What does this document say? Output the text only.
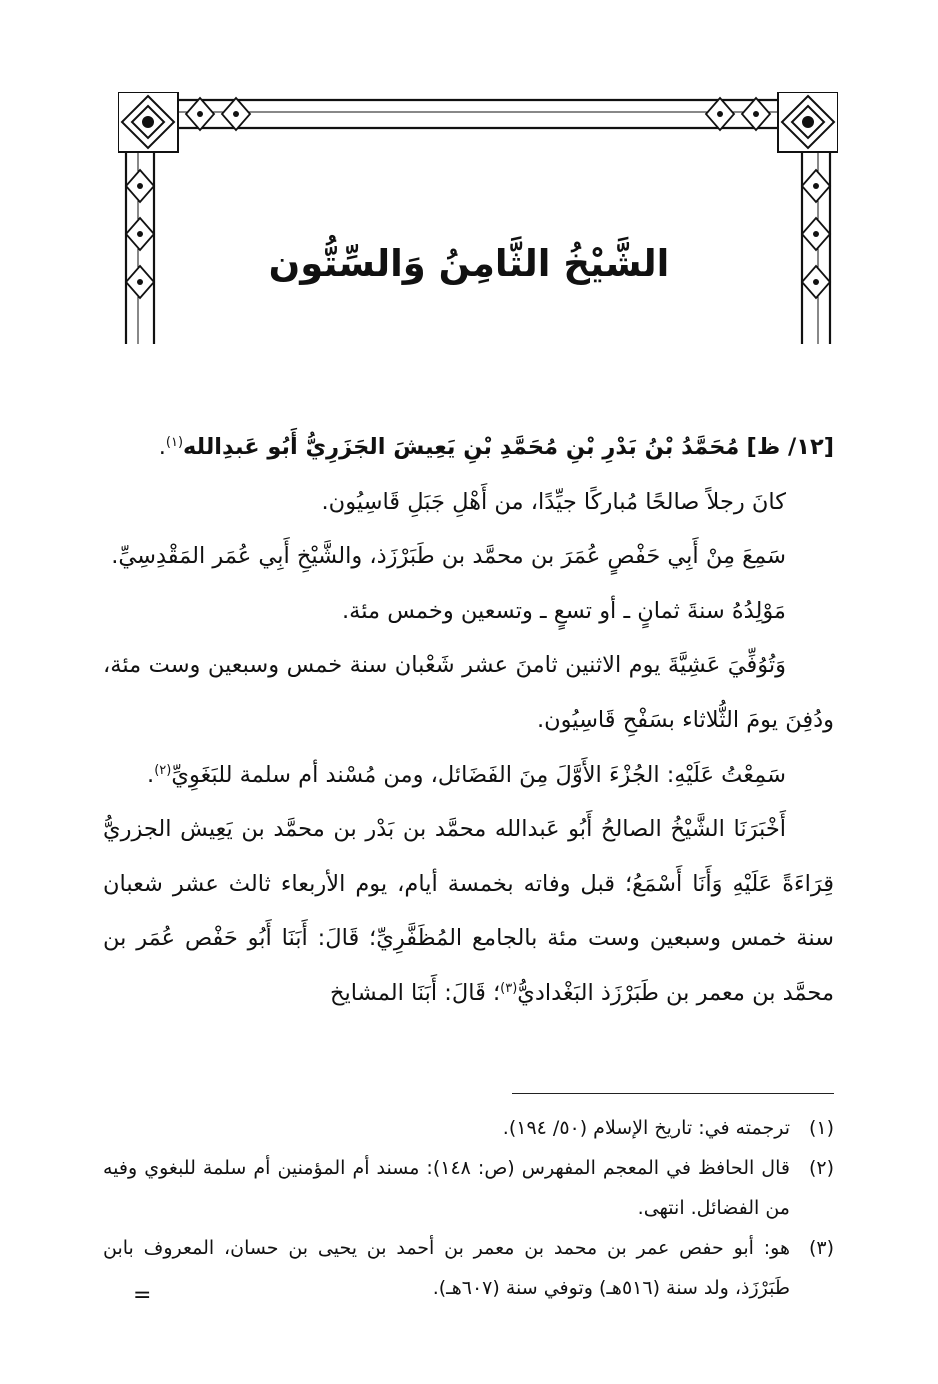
الشَّيْخُ الثَّامِنُ وَالسِّتُّون

[١٢/ ظ] مُحَمَّدُ بْنُ بَدْرِ بْنِ مُحَمَّدِ بْنِ يَعِيشَ الجَزَرِيُّ أَبُو عَبدِالله$^{(١)}$.

كانَ رجلاً صالحًا مُباركًا جيِّدًا، من أَهْلِ جَبَلِ قَاسِيُون.

سَمِعَ مِنْ أَبِي حَفْصٍ عُمَرَ بن محمَّد بن طَبَرْزَذ، والشَّيْخِ أَبِي عُمَر المَقْدِسِيِّ.

مَوْلِدُهُ سنةَ ثمانٍ ـ أو تسعٍ ـ وتسعين وخمس مئة.

وَتُوُفِّيَ عَشِيَّةَ يوم الاثنين ثامنَ عشر شَعْبان سنة خمس وسبعين وست مئة، ودُفِنَ يومَ الثُّلاثاء بسَفْحِ قَاسِيُون.

سَمِعْتُ عَلَيْهِ: الجُزْءَ الأَوَّلَ مِنَ الفَضَائل، ومن مُسْند أم سلمة للبَغَوِيِّ$^{(٢)}$.

أَخْبَرَنَا الشَّيْخُ الصالحُ أَبُو عَبدالله محمَّد بن بَدْر بن محمَّد بن يَعِيش الجزريُّ قِرَاءَةً عَلَيْهِ وَأَنَا أَسْمَعُ؛ قبل وفاته بخمسة أيام، يوم الأربعاء ثالث عشر شعبان سنة خمس وسبعين وست مئة بالجامع المُظَفَّرِيِّ؛ قَالَ: أَبَنَا أَبُو حَفْص عُمَر بن محمَّد بن معمر بن طَبَرْزَذ البَغْداديُّ$^{(٣)}$؛ قَالَ: أَبَنَا المشايخ

(١)
ترجمته في: تاريخ الإسلام (٥٠/ ١٩٤).
(٢)
قال الحافظ في المعجم المفهرس (ص: ١٤٨): مسند أم المؤمنين أم سلمة للبغوي وفيه من الفضائل. انتهى.
(٣)
هو: أبو حفص عمر بن محمد بن معمر بن أحمد بن يحيى بن حسان، المعروف بابن طَبَرْزَذ، ولد سنة (٥١٦هـ) وتوفي سنة (٦٠٧هـ).
=
